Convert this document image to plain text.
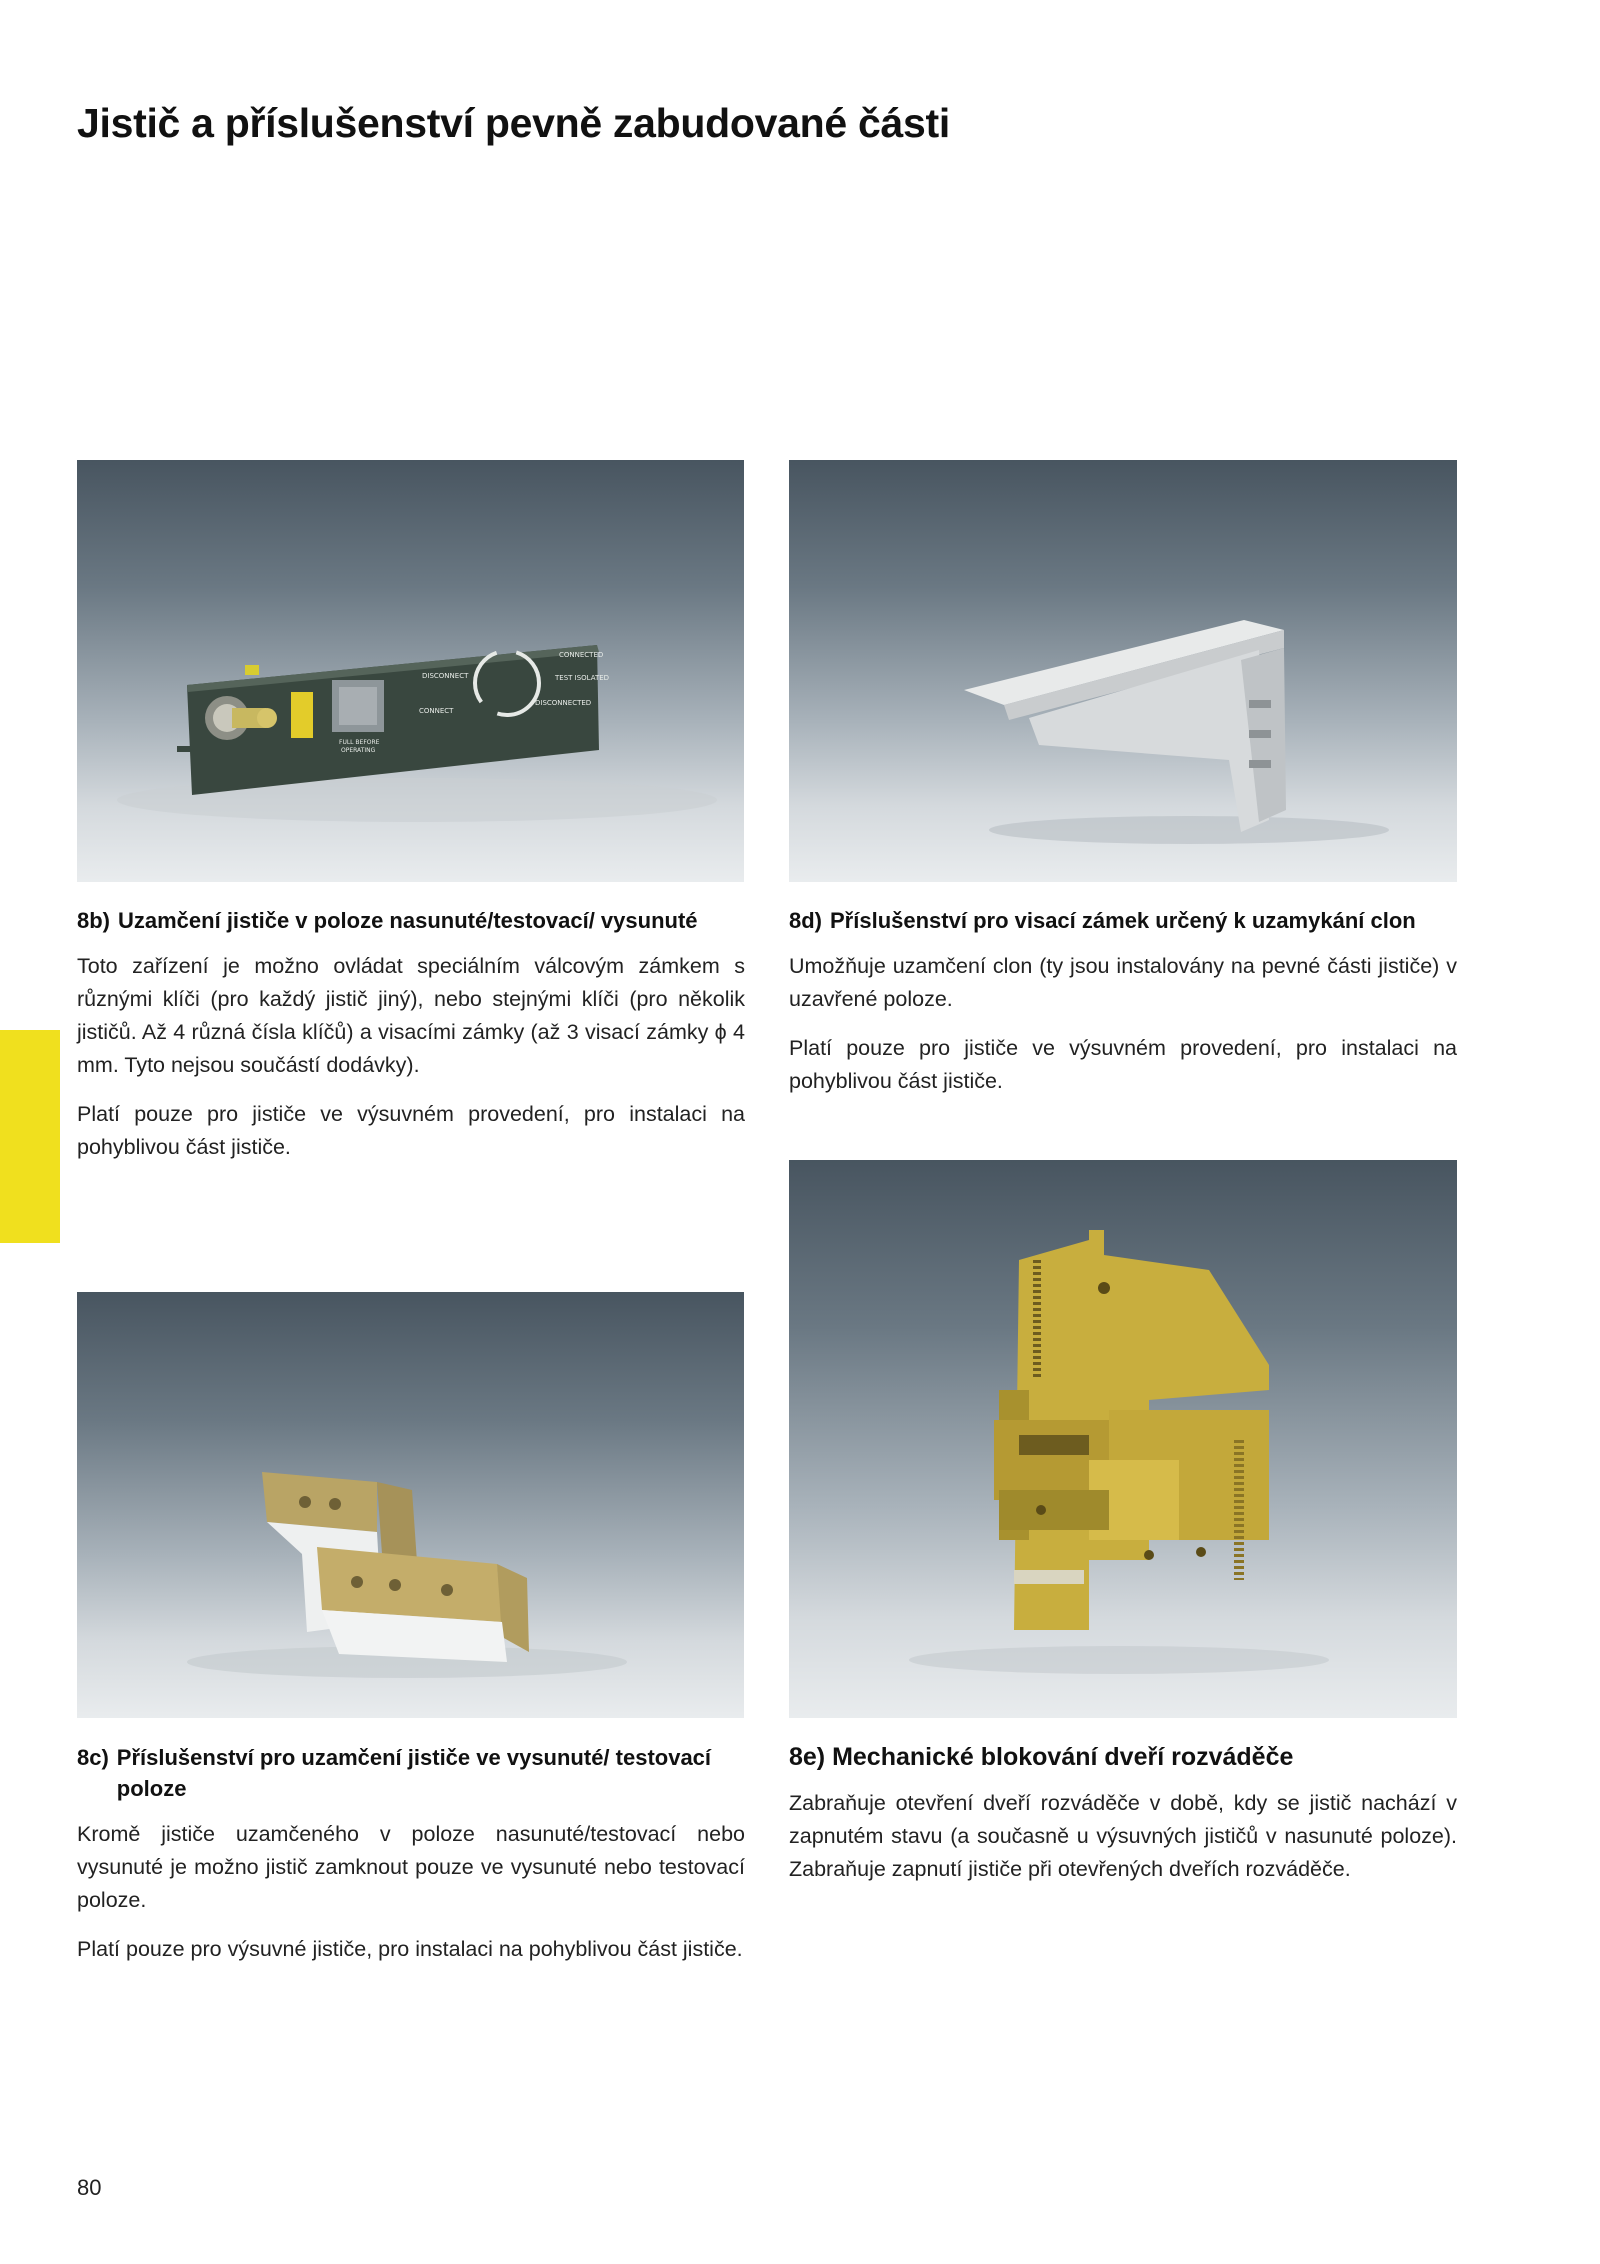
Jistič a příslušenství pevně zabudované části
DISCONNECT
CONNECTED
TEST ISOLATED
CONNECT
DISCONNECTED
FULL BEFORE
OPERATING
8b) Uzamčení jističe v poloze nasunuté/testovací/ vysunuté

Toto zařízení je možno ovládat speciálním válcovým zámkem s různými klíči (pro každý jistič jiný), nebo stejnými klíči (pro několik jističů. Až 4 různá čísla klíčů) a visacími zámky (až 3 visací zámky ϕ 4 mm. Tyto nejsou součástí dodávky).

Platí pouze pro jističe ve výsuvném provedení, pro instalaci na pohyblivou část jističe.

8d) Příslušenství pro visací zámek určený k uzamykání clon

Umožňuje uzamčení clon (ty jsou instalovány na pevné části jističe) v uzavřené poloze.

Platí pouze pro jističe ve výsuvném provedení, pro instalaci na pohyblivou část jističe.

8c) Příslušenství pro uzamčení jističe ve vysunuté/ testovací poloze

Kromě jističe uzamčeného v poloze nasunuté/testovací nebo vysunuté je možno jistič zamknout pouze ve vysunuté nebo testovací poloze.

Platí pouze pro výsuvné jističe, pro instalaci na pohyblivou část jističe.

8e) Mechanické blokování dveří rozváděče

Zabraňuje otevření dveří rozváděče v době, kdy se jistič nachází v zapnutém stavu (a současně u výsuvných jističů v nasunuté poloze). Zabraňuje zapnutí jističe při otevřených dveřích rozváděče.

80
